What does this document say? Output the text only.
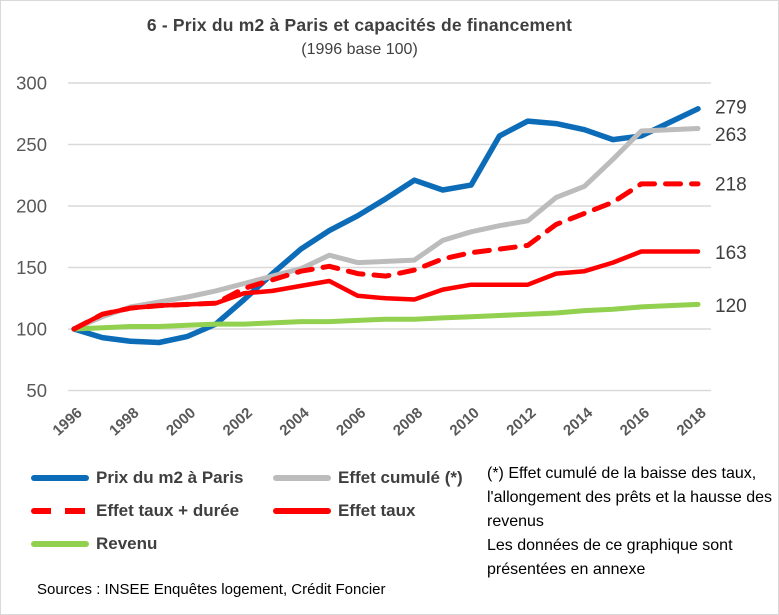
6 - Prix du m2 à Paris et capacités de financement
(1996 base 100)
50
100
150
200
250
300
1996 1998 2000 2002 2004 2006 2008 2010 2012 2014 2016 2018
279
263
218
163
120
Prix du m2 à Paris	Effet cumulé (*)
Effet taux + durée	Effet taux
Revenu

(*) Effet cumulé de la baisse des taux, l'allongement des prêts et la hausse des revenus

Les données de ce graphique sont présentées en annexe

Sources : INSEE Enquêtes logement, Crédit Foncier
